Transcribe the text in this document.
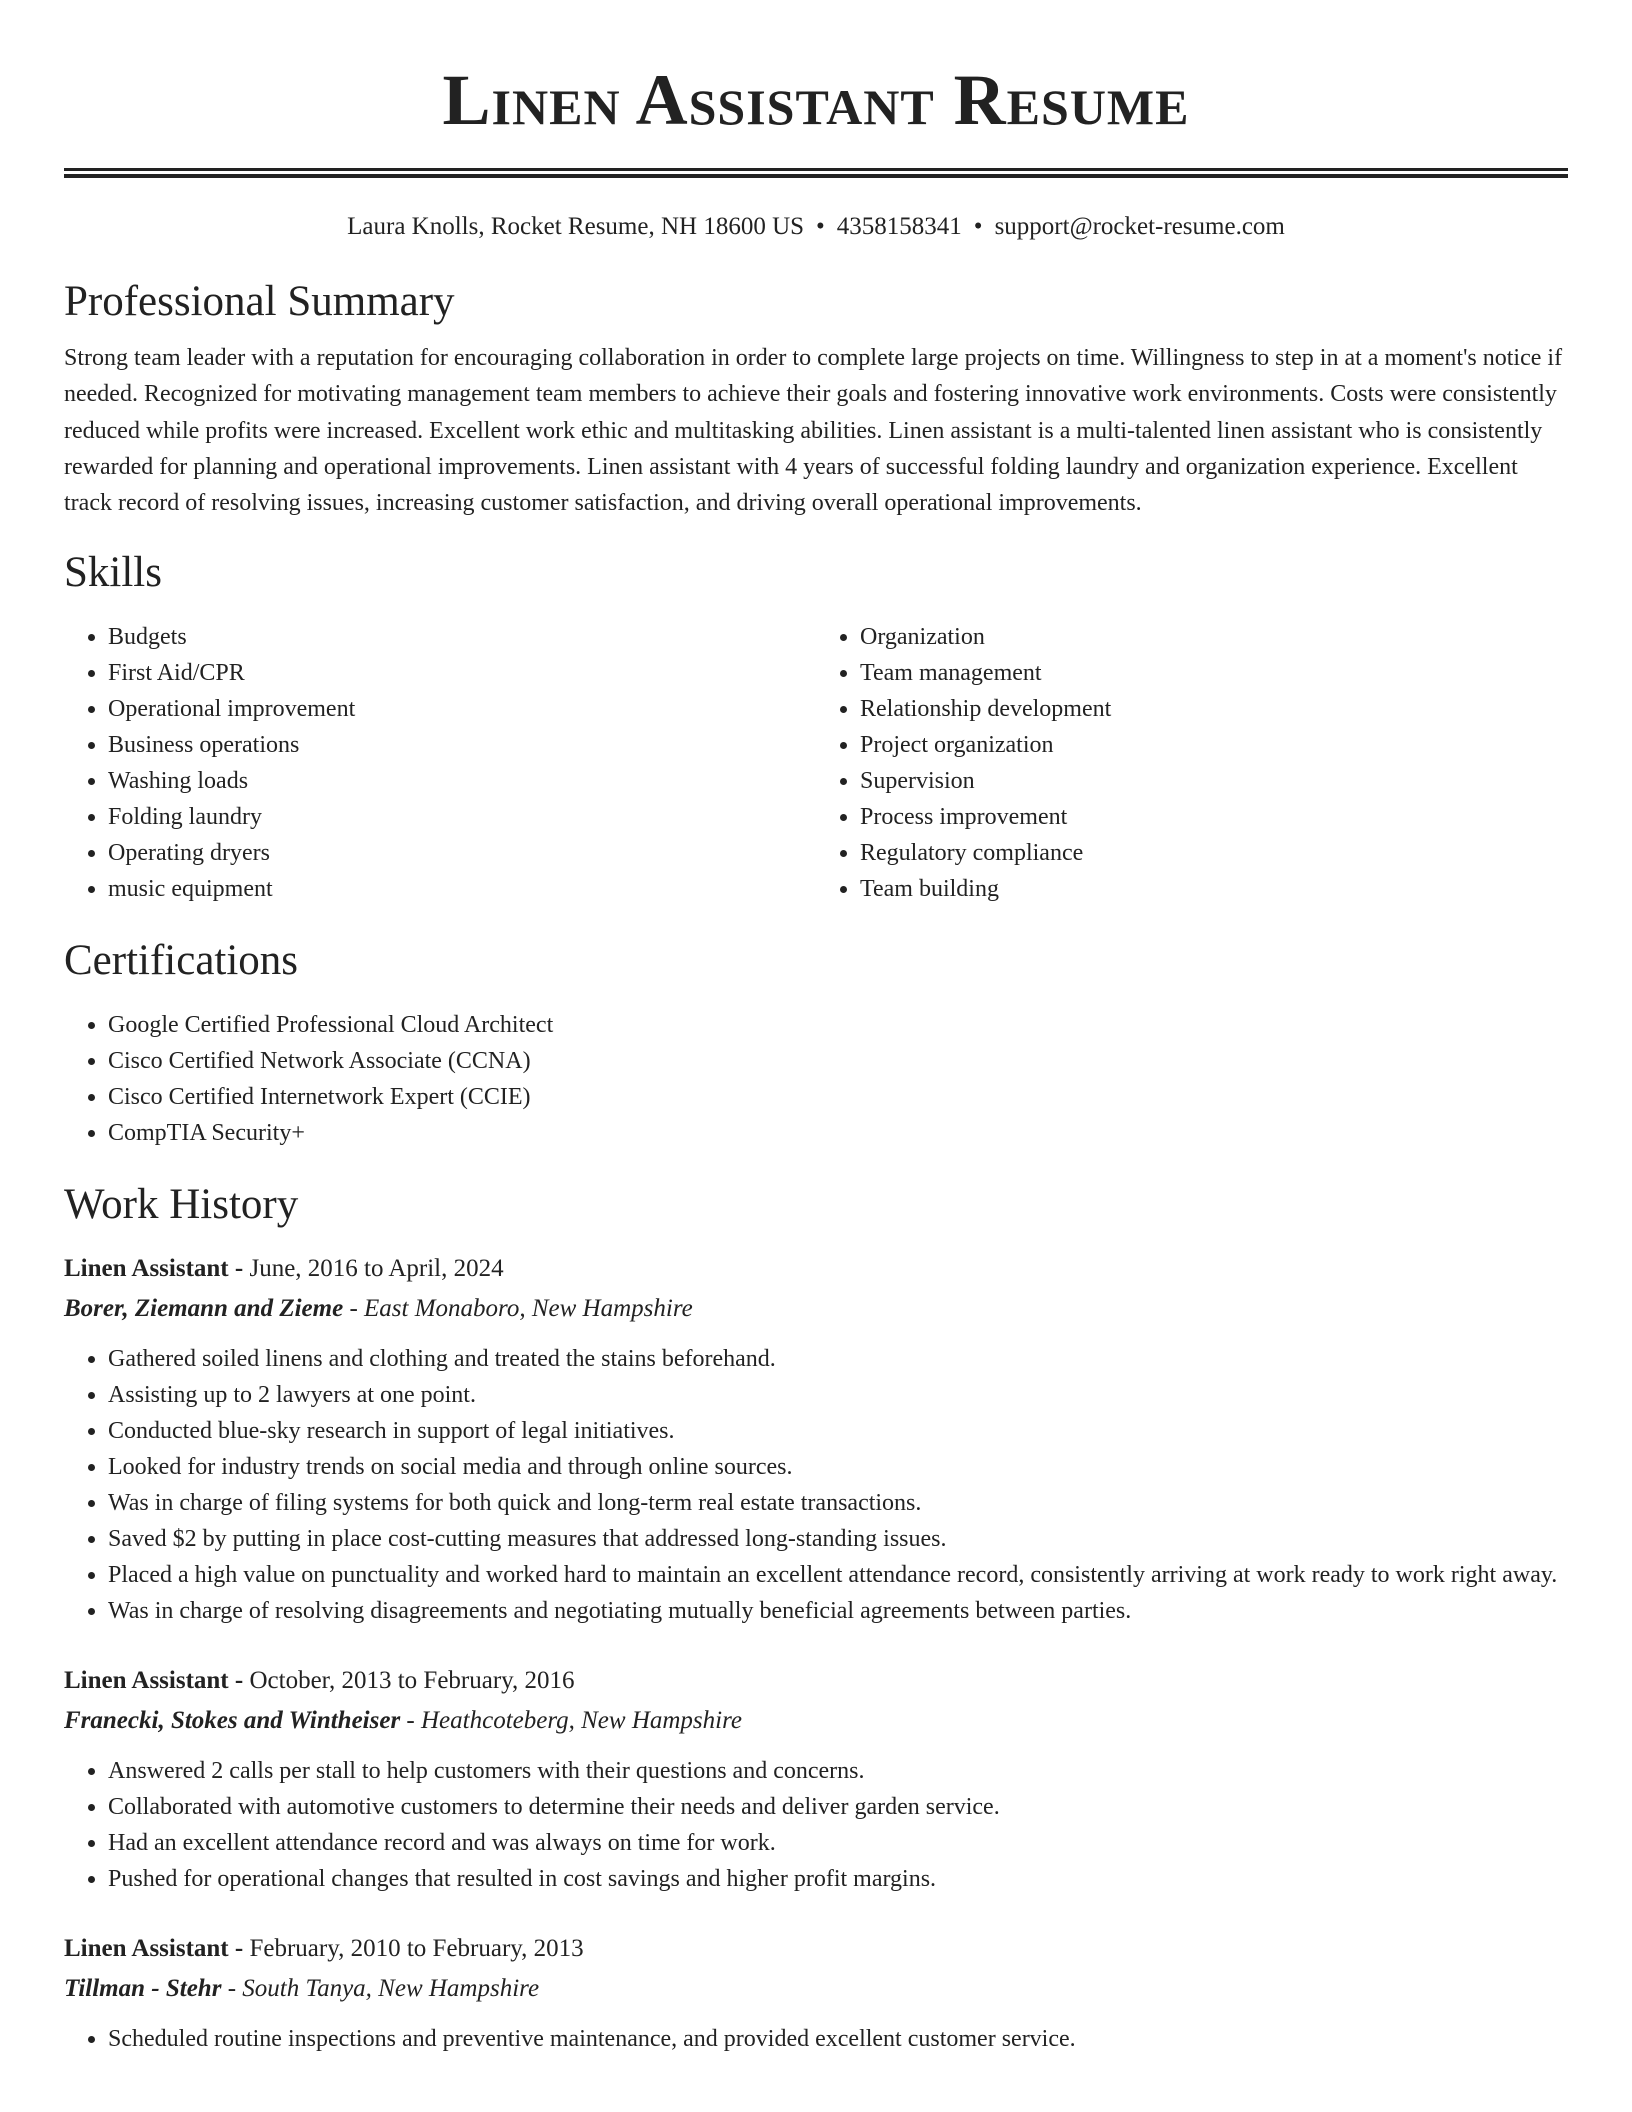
Linen Assistant Resume
Laura Knolls, Rocket Resume, NH 18600 US • 4358158341 • support@rocket-resume.com
Professional Summary

Strong team leader with a reputation for encouraging collaboration in order to complete large projects on time. Willingness to step in at a moment's notice if needed. Recognized for motivating management team members to achieve their goals and fostering innovative work environments. Costs were consistently reduced while profits were increased. Excellent work ethic and multitasking abilities. Linen assistant is a multi-talented linen assistant who is consistently rewarded for planning and operational improvements. Linen assistant with 4 years of successful folding laundry and organization experience. Excellent track record of resolving issues, increasing customer satisfaction, and driving overall operational improvements.

Skills
• Budgets
• First Aid/CPR
• Operational improvement
• Business operations
• Washing loads
• Folding laundry
• Operating dryers
• music equipment
• Organization
• Team management
• Relationship development
• Project organization
• Supervision
• Process improvement
• Regulatory compliance
• Team building
Certifications
• Google Certified Professional Cloud Architect
• Cisco Certified Network Associate (CCNA)
• Cisco Certified Internetwork Expert (CCIE)
• CompTIA Security+
Work History
Linen Assistant - June, 2016 to April, 2024
Borer, Ziemann and Zieme - East Monaboro, New Hampshire
• Gathered soiled linens and clothing and treated the stains beforehand.
• Assisting up to 2 lawyers at one point.
• Conducted blue-sky research in support of legal initiatives.
• Looked for industry trends on social media and through online sources.
• Was in charge of filing systems for both quick and long-term real estate transactions.
• Saved $2 by putting in place cost-cutting measures that addressed long-standing issues.
• Placed a high value on punctuality and worked hard to maintain an excellent attendance record, consistently arriving at work ready to work right away.
• Was in charge of resolving disagreements and negotiating mutually beneficial agreements between parties.
Linen Assistant - October, 2013 to February, 2016
Franecki, Stokes and Wintheiser - Heathcoteberg, New Hampshire
• Answered 2 calls per stall to help customers with their questions and concerns.
• Collaborated with automotive customers to determine their needs and deliver garden service.
• Had an excellent attendance record and was always on time for work.
• Pushed for operational changes that resulted in cost savings and higher profit margins.
Linen Assistant - February, 2010 to February, 2013
Tillman - Stehr - South Tanya, New Hampshire
• Scheduled routine inspections and preventive maintenance, and provided excellent customer service.
